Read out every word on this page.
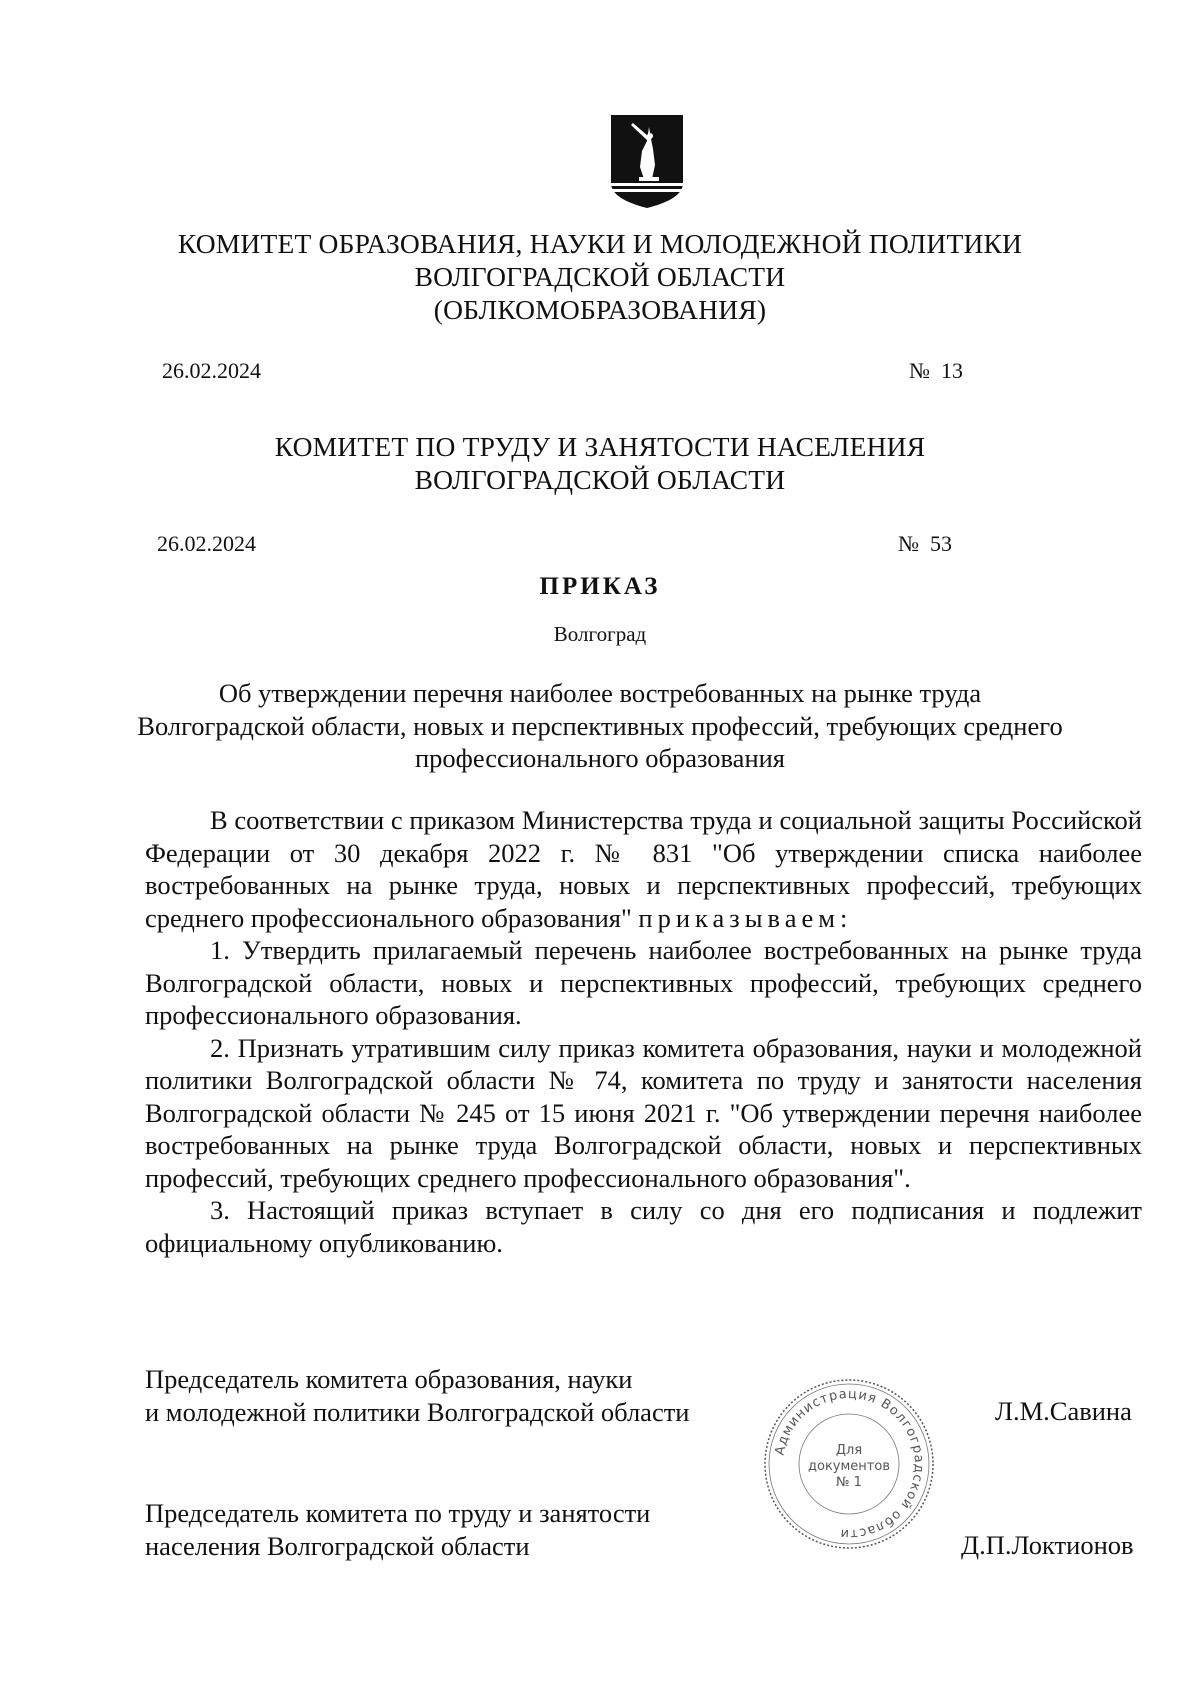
КОМИТЕТ ОБРАЗОВАНИЯ, НАУКИ И МОЛОДЕЖНОЙ ПОЛИТИКИ
ВОЛГОГРАДСКОЙ ОБЛАСТИ
(ОБЛКОМОБРАЗОВАНИЯ)
26.02.2024	№  13
КОМИТЕТ ПО ТРУДУ И ЗАНЯТОСТИ НАСЕЛЕНИЯ
ВОЛГОГРАДСКОЙ ОБЛАСТИ
26.02.2024	№  53
ПРИКАЗ
Волгоград
Об утверждении перечня наиболее востребованных на рынке труда
Волгоградской области, новых и перспективных профессий, требующих среднего
профессионального образования

В соответствии с приказом Министерства труда и социальной защиты Российской Федерации от 30 декабря 2022 г. № 831 "Об утверждении списка наиболее востребованных на рынке труда, новых и перспективных профессий, требующих среднего профессионального образования" приказываем:

1. Утвердить прилагаемый перечень наиболее востребованных на рынке труда Волгоградской области, новых и перспективных профессий, требующих среднего профессионального образования.

2. Признать утратившим силу приказ комитета образования, науки и молодежной политики Волгоградской области № 74, комитета по труду и занятости населения Волгоградской области № 245 от 15 июня 2021 г. "Об утверждении перечня наиболее востребованных на рынке труда Волгоградской области, новых и перспективных профессий, требующих среднего профессионального образования".

3. Настоящий приказ вступает в силу со дня его подписания и подлежит официальному опубликованию.

Председатель комитета образования, науки
и молодежной политики Волгоградской области	Л.М.Савина
Председатель комитета по труду и занятости
населения Волгоградской области	Д.П.Локтионов
Администрация Волгоградской области
Для
документов
№ 1
